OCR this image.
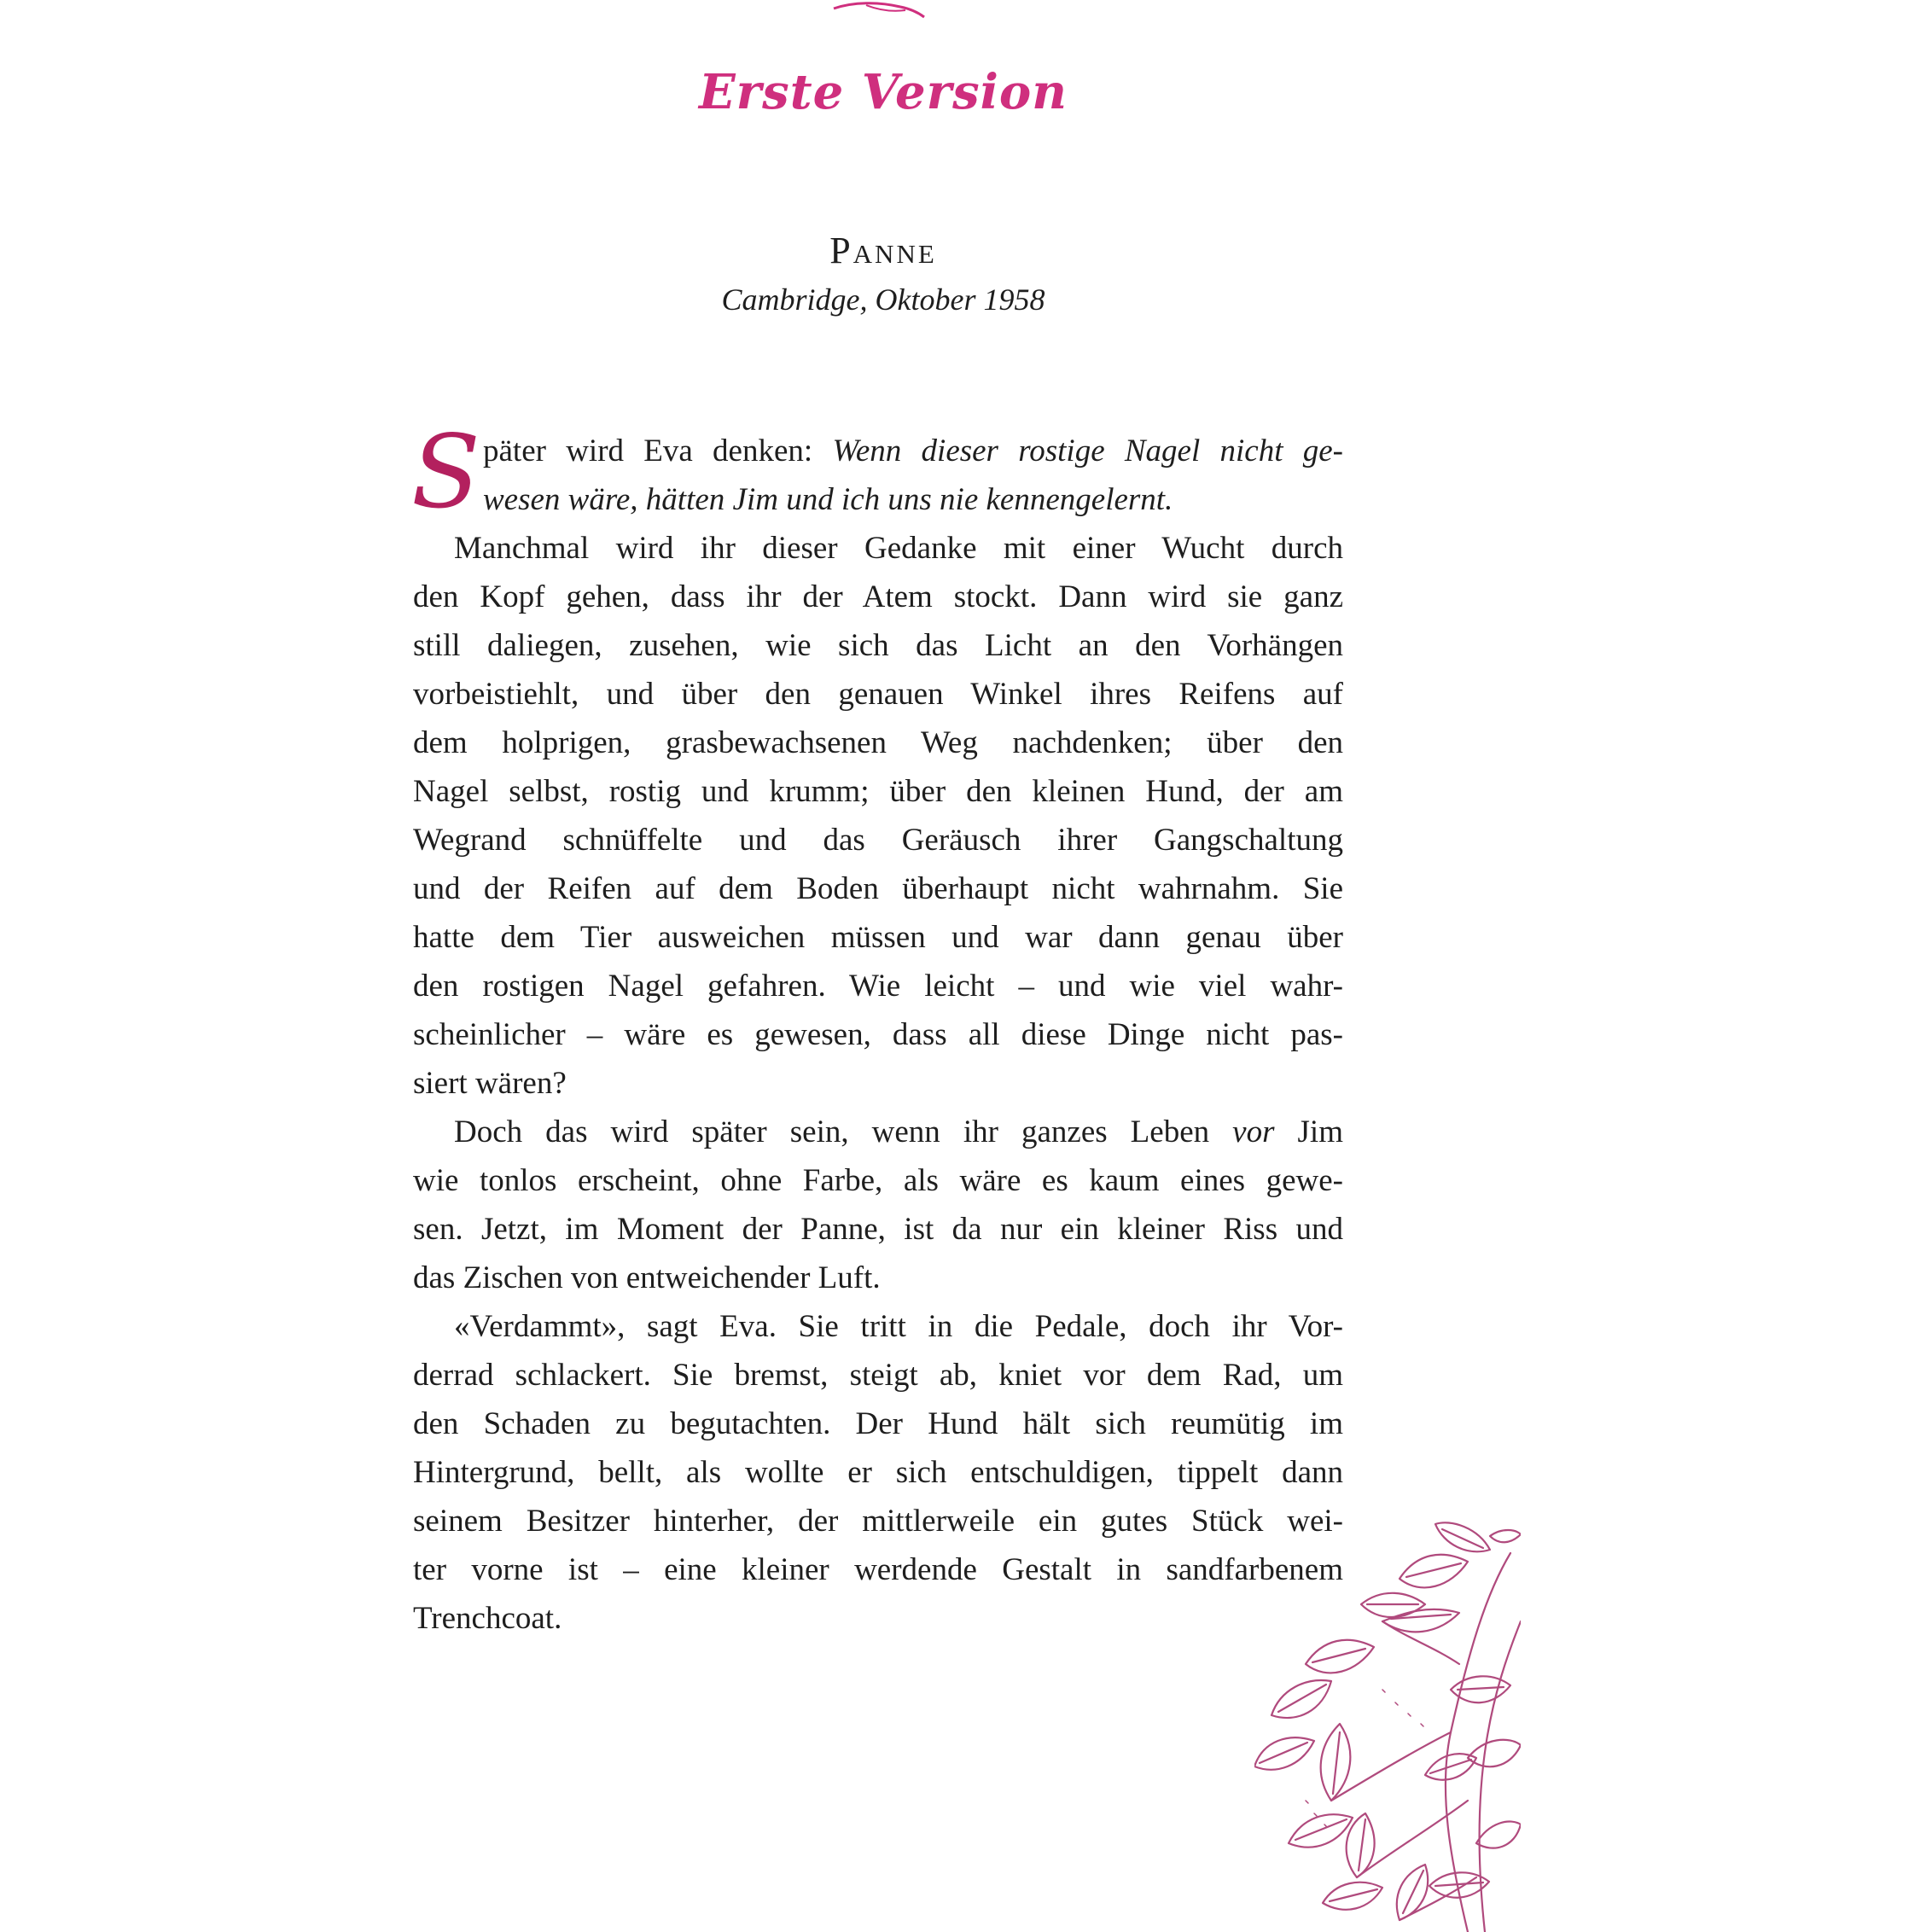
Erste Version
Panne
Cambridge, Oktober 1958
S päter wird Eva denken: Wenn dieser rostige Nagel nicht ge-
wesen wäre, hätten Jim und ich uns nie kennengelernt.
Manchmal wird ihr dieser Gedanke mit einer Wucht durch
den Kopf gehen, dass ihr der Atem stockt. Dann wird sie ganz
still daliegen, zusehen, wie sich das Licht an den Vorhängen
vorbeistiehlt, und über den genauen Winkel ihres Reifens auf
dem holprigen, grasbewachsenen Weg nachdenken; über den
Nagel selbst, rostig und krumm; über den kleinen Hund, der am
Wegrand schnüffelte und das Geräusch ihrer Gangschaltung
und der Reifen auf dem Boden überhaupt nicht wahrnahm. Sie
hatte dem Tier ausweichen müssen und war dann genau über
den rostigen Nagel gefahren. Wie leicht – und wie viel wahr-
scheinlicher – wäre es gewesen, dass all diese Dinge nicht pas-
siert wären?
Doch das wird später sein, wenn ihr ganzes Leben vor Jim
wie tonlos erscheint, ohne Farbe, als wäre es kaum eines gewe-
sen. Jetzt, im Moment der Panne, ist da nur ein kleiner Riss und
das Zischen von entweichender Luft.
«Verdammt», sagt Eva. Sie tritt in die Pedale, doch ihr Vor-
derrad schlackert. Sie bremst, steigt ab, kniet vor dem Rad, um
den Schaden zu begutachten. Der Hund hält sich reumütig im
Hintergrund, bellt, als wollte er sich entschuldigen, tippelt dann
seinem Besitzer hinterher, der mittlerweile ein gutes Stück wei-
ter vorne ist – eine kleiner werdende Gestalt in sandfarbenem
Trenchcoat.
